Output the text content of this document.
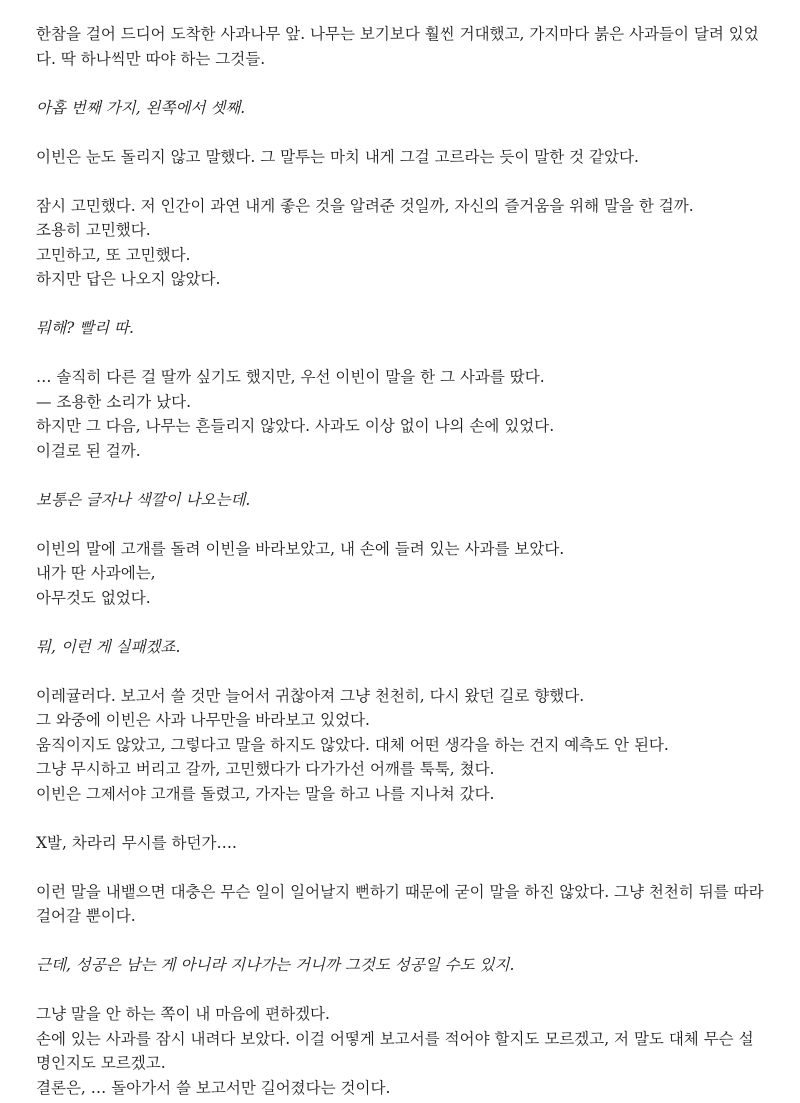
한참을 걸어 드디어 도착한 사과나무 앞. 나무는 보기보다 훨씬 거대했고, 가지마다 붉은 사과들이 달려 있었다. 딱 하나씩만 따야 하는 그것들.
아홉 번째 가지, 왼쪽에서 셋째.
이빈은 눈도 돌리지 않고 말했다. 그 말투는 마치 내게 그걸 고르라는 듯이 말한 것 같았다.
잠시 고민했다. 저 인간이 과연 내게 좋은 것을 알려준 것일까, 자신의 즐거움을 위해 말을 한 걸까.
조용히 고민했다.
고민하고, 또 고민했다.
하지만 답은 나오지 않았다.
뭐해? 빨리 따.
… 솔직히 다른 걸 딸까 싶기도 했지만, 우선 이빈이 말을 한 그 사과를 땄다.
— 조용한 소리가 났다.
하지만 그 다음, 나무는 흔들리지 않았다. 사과도 이상 없이 나의 손에 있었다.
이걸로 된 걸까.
보통은 글자나 색깔이 나오는데.
이빈의 말에 고개를 돌려 이빈을 바라보았고, 내 손에 들려 있는 사과를 보았다.
내가 딴 사과에는,
아무것도 없었다.
뭐, 이런 게 실패겠죠.
이레귤러다. 보고서 쓸 것만 늘어서 귀찮아져 그냥 천천히, 다시 왔던 길로 향했다.
그 와중에 이빈은 사과 나무만을 바라보고 있었다.
움직이지도 않았고, 그렇다고 말을 하지도 않았다. 대체 어떤 생각을 하는 건지 예측도 안 된다.
그냥 무시하고 버리고 갈까, 고민했다가 다가가선 어깨를 툭툭, 쳤다.
이빈은 그제서야 고개를 돌렸고, 가자는 말을 하고 나를 지나쳐 갔다.
X발, 차라리 무시를 하던가….
이런 말을 내뱉으면 대충은 무슨 일이 일어날지 뻔하기 때문에 굳이 말을 하진 않았다. 그냥 천천히 뒤를 따라 걸어갈 뿐이다.
근데, 성공은 남는 게 아니라 지나가는 거니까 그것도 성공일 수도 있지.
그냥 말을 안 하는 쪽이 내 마음에 편하겠다.
손에 있는 사과를 잠시 내려다 보았다. 이걸 어떻게 보고서를 적어야 할지도 모르겠고, 저 말도 대체 무슨 설명인지도 모르겠고.
결론은, … 돌아가서 쓸 보고서만 길어졌다는 것이다.
